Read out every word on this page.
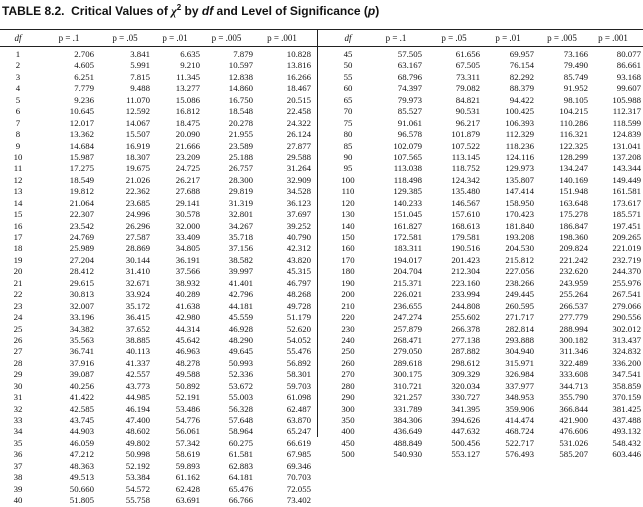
TABLE 8.2. Critical Values of $\chi^2$ by df and Level of Significance (p)
df
1
2
3
4
5
6
7
8
9
10
11
12
13
14
15
16
17
18
19
20
21
22
23
24
25
26
27
28
29
30
31
32
33
34
35
36
37
38
39
40
p = .1
2.706
4.605
6.251
7.779
9.236
10.645
12.017
13.362
14.684
15.987
17.275
18.549
19.812
21.064
22.307
23.542
24.769
25.989
27.204
28.412
29.615
30.813
32.007
33.196
34.382
35.563
36.741
37.916
39.087
40.256
41.422
42.585
43.745
44.903
46.059
47.212
48.363
49.513
50.660
51.805
p = .05
3.841
5.991
7.815
9.488
11.070
12.592
14.067
15.507
16.919
18.307
19.675
21.026
22.362
23.685
24.996
26.296
27.587
28.869
30.144
31.410
32.671
33.924
35.172
36.415
37.652
38.885
40.113
41.337
42.557
43.773
44.985
46.194
47.400
48.602
49.802
50.998
52.192
53.384
54.572
55.758
p = .01
6.635
9.210
11.345
13.277
15.086
16.812
18.475
20.090
21.666
23.209
24.725
26.217
27.688
29.141
30.578
32.000
33.409
34.805
36.191
37.566
38.932
40.289
41.638
42.980
44.314
45.642
46.963
48.278
49.588
50.892
52.191
53.486
54.776
56.061
57.342
58.619
59.893
61.162
62.428
63.691
p = .005
7.879
10.597
12.838
14.860
16.750
18.548
20.278
21.955
23.589
25.188
26.757
28.300
29.819
31.319
32.801
34.267
35.718
37.156
38.582
39.997
41.401
42.796
44.181
45.559
46.928
48.290
49.645
50.993
52.336
53.672
55.003
56.328
57.648
58.964
60.275
61.581
62.883
64.181
65.476
66.766
p = .001
10.828
13.816
16.266
18.467
20.515
22.458
24.322
26.124
27.877
29.588
31.264
32.909
34.528
36.123
37.697
39.252
40.790
42.312
43.820
45.315
46.797
48.268
49.728
51.179
52.620
54.052
55.476
56.892
58.301
59.703
61.098
62.487
63.870
65.247
66.619
67.985
69.346
70.703
72.055
73.402
df
45
50
55
60
65
70
75
80
85
90
95
100
110
120
130
140
150
160
170
180
190
200
210
220
230
240
250
260
270
280
290
300
350
400
450
500
p = .1
57.505
63.167
68.796
74.397
79.973
85.527
91.061
96.578
102.079
107.565
113.038
118.498
129.385
140.233
151.045
161.827
172.581
183.311
194.017
204.704
215.371
226.021
236.655
247.274
257.879
268.471
279.050
289.618
300.175
310.721
321.257
331.789
384.306
436.649
488.849
540.930
p = .05
61.656
67.505
73.311
79.082
84.821
90.531
96.217
101.879
107.522
113.145
118.752
124.342
135.480
146.567
157.610
168.613
179.581
190.516
201.423
212.304
223.160
233.994
244.808
255.602
266.378
277.138
287.882
298.612
309.329
320.034
330.727
341.395
394.626
447.632
500.456
553.127
p = .01
69.957
76.154
82.292
88.379
94.422
100.425
106.393
112.329
118.236
124.116
129.973
135.807
147.414
158.950
170.423
181.840
193.208
204.530
215.812
227.056
238.266
249.445
260.595
271.717
282.814
293.888
304.940
315.971
326.984
337.977
348.953
359.906
414.474
468.724
522.717
576.493
p = .005
73.166
79.490
85.749
91.952
98.105
104.215
110.286
116.321
122.325
128.299
134.247
140.169
151.948
163.648
175.278
186.847
198.360
209.824
221.242
232.620
243.959
255.264
266.537
277.779
288.994
300.182
311.346
322.489
333.608
344.713
355.790
366.844
421.900
476.606
531.026
585.207
p = .001
80.077
86.661
93.168
99.607
105.988
112.317
118.599
124.839
131.041
137.208
143.344
149.449
161.581
173.617
185.571
197.451
209.265
221.019
232.719
244.370
255.976
267.541
279.066
290.556
302.012
313.437
324.832
336.200
347.541
358.859
370.159
381.425
437.488
493.132
548.432
603.446
